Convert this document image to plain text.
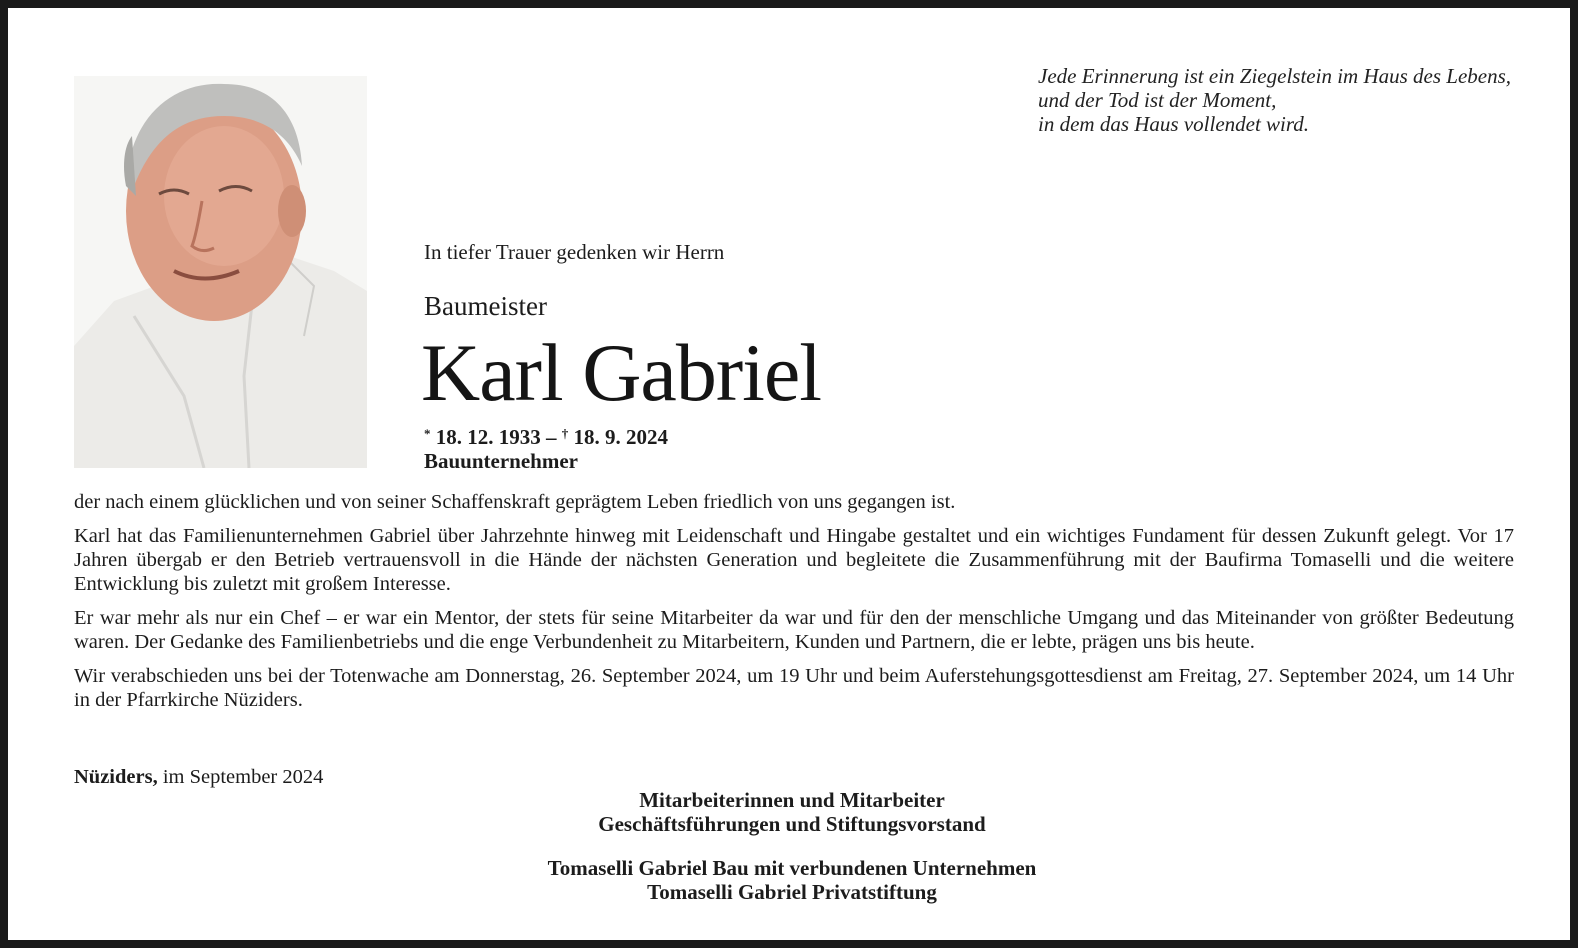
Jede Erinnerung ist ein Ziegelstein im Haus des Lebens,
und der Tod ist der Moment,
in dem das Haus vollendet wird.
In tiefer Trauer gedenken wir Herrn
Baumeister
Karl Gabriel
* 18. 12. 1933 – † 18. 9. 2024
Bauunternehmer

der nach einem glücklichen und von seiner Schaffenskraft geprägtem Leben friedlich von uns gegangen ist.

Karl hat das Familienunternehmen Gabriel über Jahrzehnte hinweg mit Leidenschaft und Hingabe gestaltet und ein wichtiges Fundament für dessen Zukunft gelegt. Vor 17 Jahren übergab er den Betrieb vertrauensvoll in die Hände der nächsten Generation und begleitete die Zusammenführung mit der Baufirma Tomaselli und die weitere Entwicklung bis zuletzt mit großem Interesse.

Er war mehr als nur ein Chef – er war ein Mentor, der stets für seine Mitarbeiter da war und für den der menschliche Umgang und das Miteinander von größter Bedeutung waren. Der Gedanke des Familienbetriebs und die enge Verbundenheit zu Mitarbeitern, Kunden und Partnern, die er lebte, prägen uns bis heute.

Wir verabschieden uns bei der Totenwache am Donnerstag, 26. September 2024, um 19 Uhr und beim Auferstehungsgottesdienst am Freitag, 27. September 2024, um 14 Uhr in der Pfarrkirche Nüziders.

Nüziders, im September 2024
Mitarbeiterinnen und Mitarbeiter
Geschäftsführungen und Stiftungsvorstand
Tomaselli Gabriel Bau mit verbundenen Unternehmen
Tomaselli Gabriel Privatstiftung
